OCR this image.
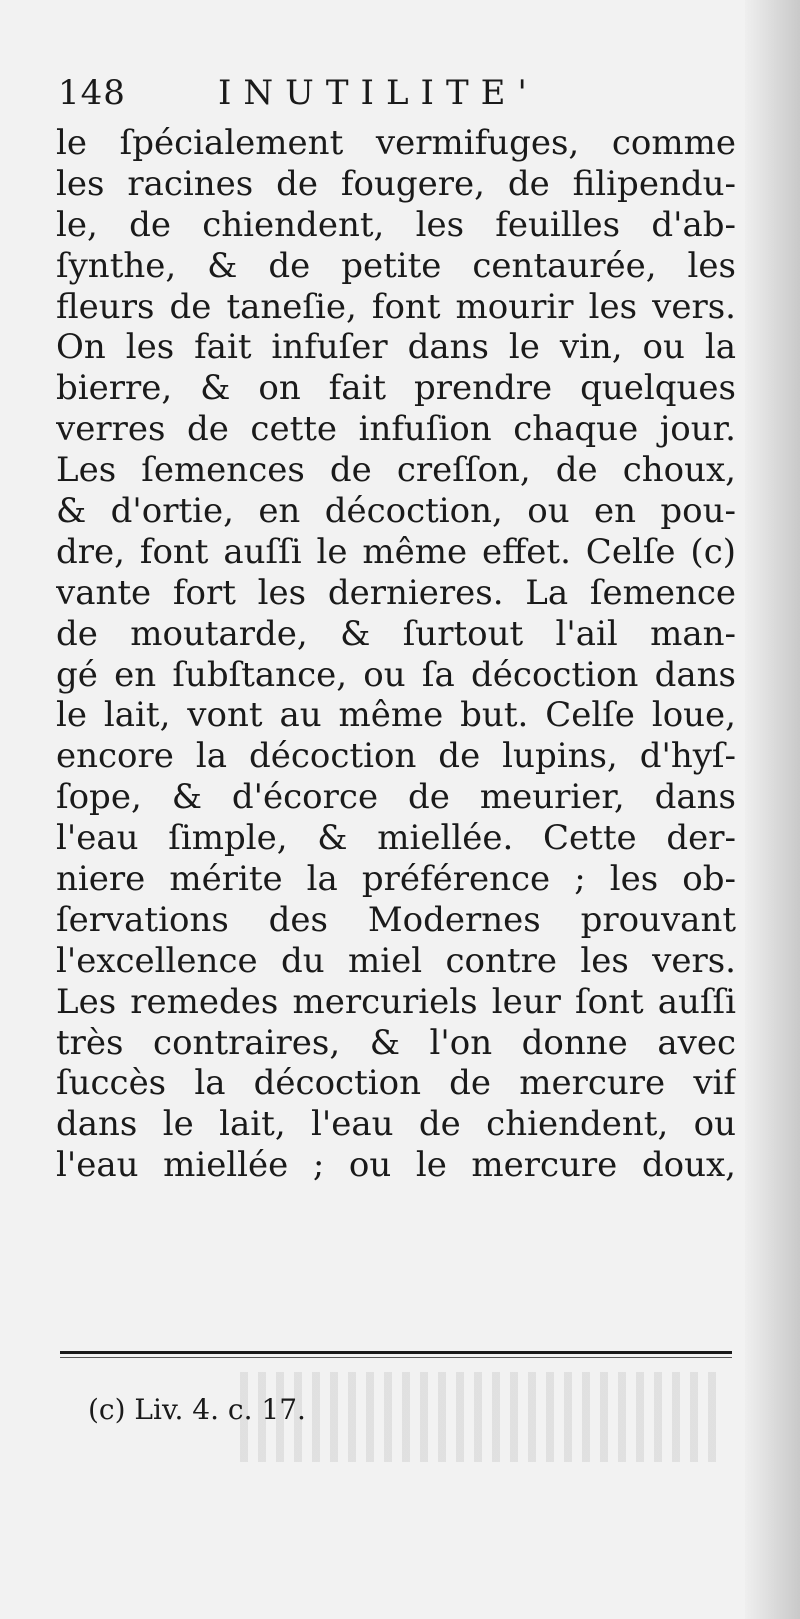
148	INUTILITE'
le ſpécialement vermifuges, comme
les racines de fougere, de filipendu-
le, de chiendent, les feuilles d'ab-
ſynthe, & de petite centaurée, les
fleurs de taneſie, font mourir les vers.
On les fait infuſer dans le vin, ou la
bierre, & on fait prendre quelques
verres de cette infuſion chaque jour.
Les ſemences de creſſon, de choux,
& d'ortie, en décoction, ou en pou-
dre, font auſſi le même effet. Celſe (c)
vante fort les dernieres. La ſemence
de moutarde, & ſurtout l'ail man-
gé en ſubſtance, ou ſa décoction dans
le lait, vont au même but. Celſe loue,
encore la décoction de lupins, d'hyſ-
ſope, & d'écorce de meurier, dans
l'eau ſimple, & miellée. Cette der-
niere mérite la préférence ; les ob-
ſervations des Modernes prouvant
l'excellence du miel contre les vers.
Les remedes mercuriels leur ſont auſſi
très contraires, & l'on donne avec
ſuccès la décoction de mercure vif
dans le lait, l'eau de chiendent, ou
l'eau miellée ; ou le mercure doux,
(c) Liv. 4. c. 17.
